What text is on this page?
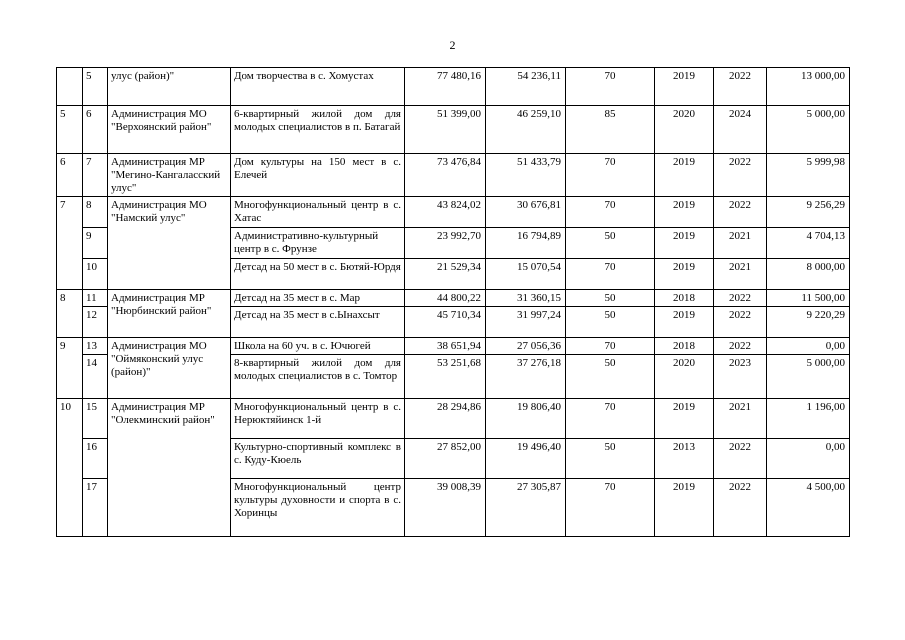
2
	5	улус (район)"	Дом творчества в с. Хомустах	77 480,16	54 236,11	70	2019	2022	13 000,00
5	6	Администрация МО "Верхоянский район"	6-квартирный жилой дом для молодых специалистов в п. Батагай	51 399,00	46 259,10	85	2020	2024	5 000,00
6	7	Администрация МР "Мегино-Кангаласский улус"	Дом культуры на 150 мест в с. Елечей	73 476,84	51 433,79	70	2019	2022	5 999,98
7	8	Администрация МО "Намский улус"	Многофункциональный центр в с. Хатас	43 824,02	30 676,81	70	2019	2022	9 256,29
	9		Административно-культурный центр в с. Фрунзе	23 992,70	16 794,89	50	2019	2021	4 704,13
	10		Детсад на 50 мест в с. Бютяй-Юрдя	21 529,34	15 070,54	70	2019	2021	8 000,00
8	11	Администрация МР "Нюрбинский район"	Детсад на 35 мест в с. Мар	44 800,22	31 360,15	50	2018	2022	11 500,00
	12		Детсад на 35 мест в с.Ынахсыт	45 710,34	31 997,24	50	2019	2022	9 220,29
9	13	Администрация МО "Оймяконский улус (район)"	Школа на 60 уч. в с. Ючюгей	38 651,94	27 056,36	70	2018	2022	0,00
	14		8-квартирный жилой дом для молодых специалистов в с. Томтор	53 251,68	37 276,18	50	2020	2023	5 000,00
10	15	Администрация МР "Олекминский район"	Многофункциональный центр в с. Нерюктяйинск 1-й	28 294,86	19 806,40	70	2019	2021	1 196,00
	16		Культурно-спортивный комплекс в с. Куду-Кюель	27 852,00	19 496,40	50	2013	2022	0,00
	17		Многофункциональный центр культуры духовности и спорта в с. Хоринцы	39 008,39	27 305,87	70	2019	2022	4 500,00
